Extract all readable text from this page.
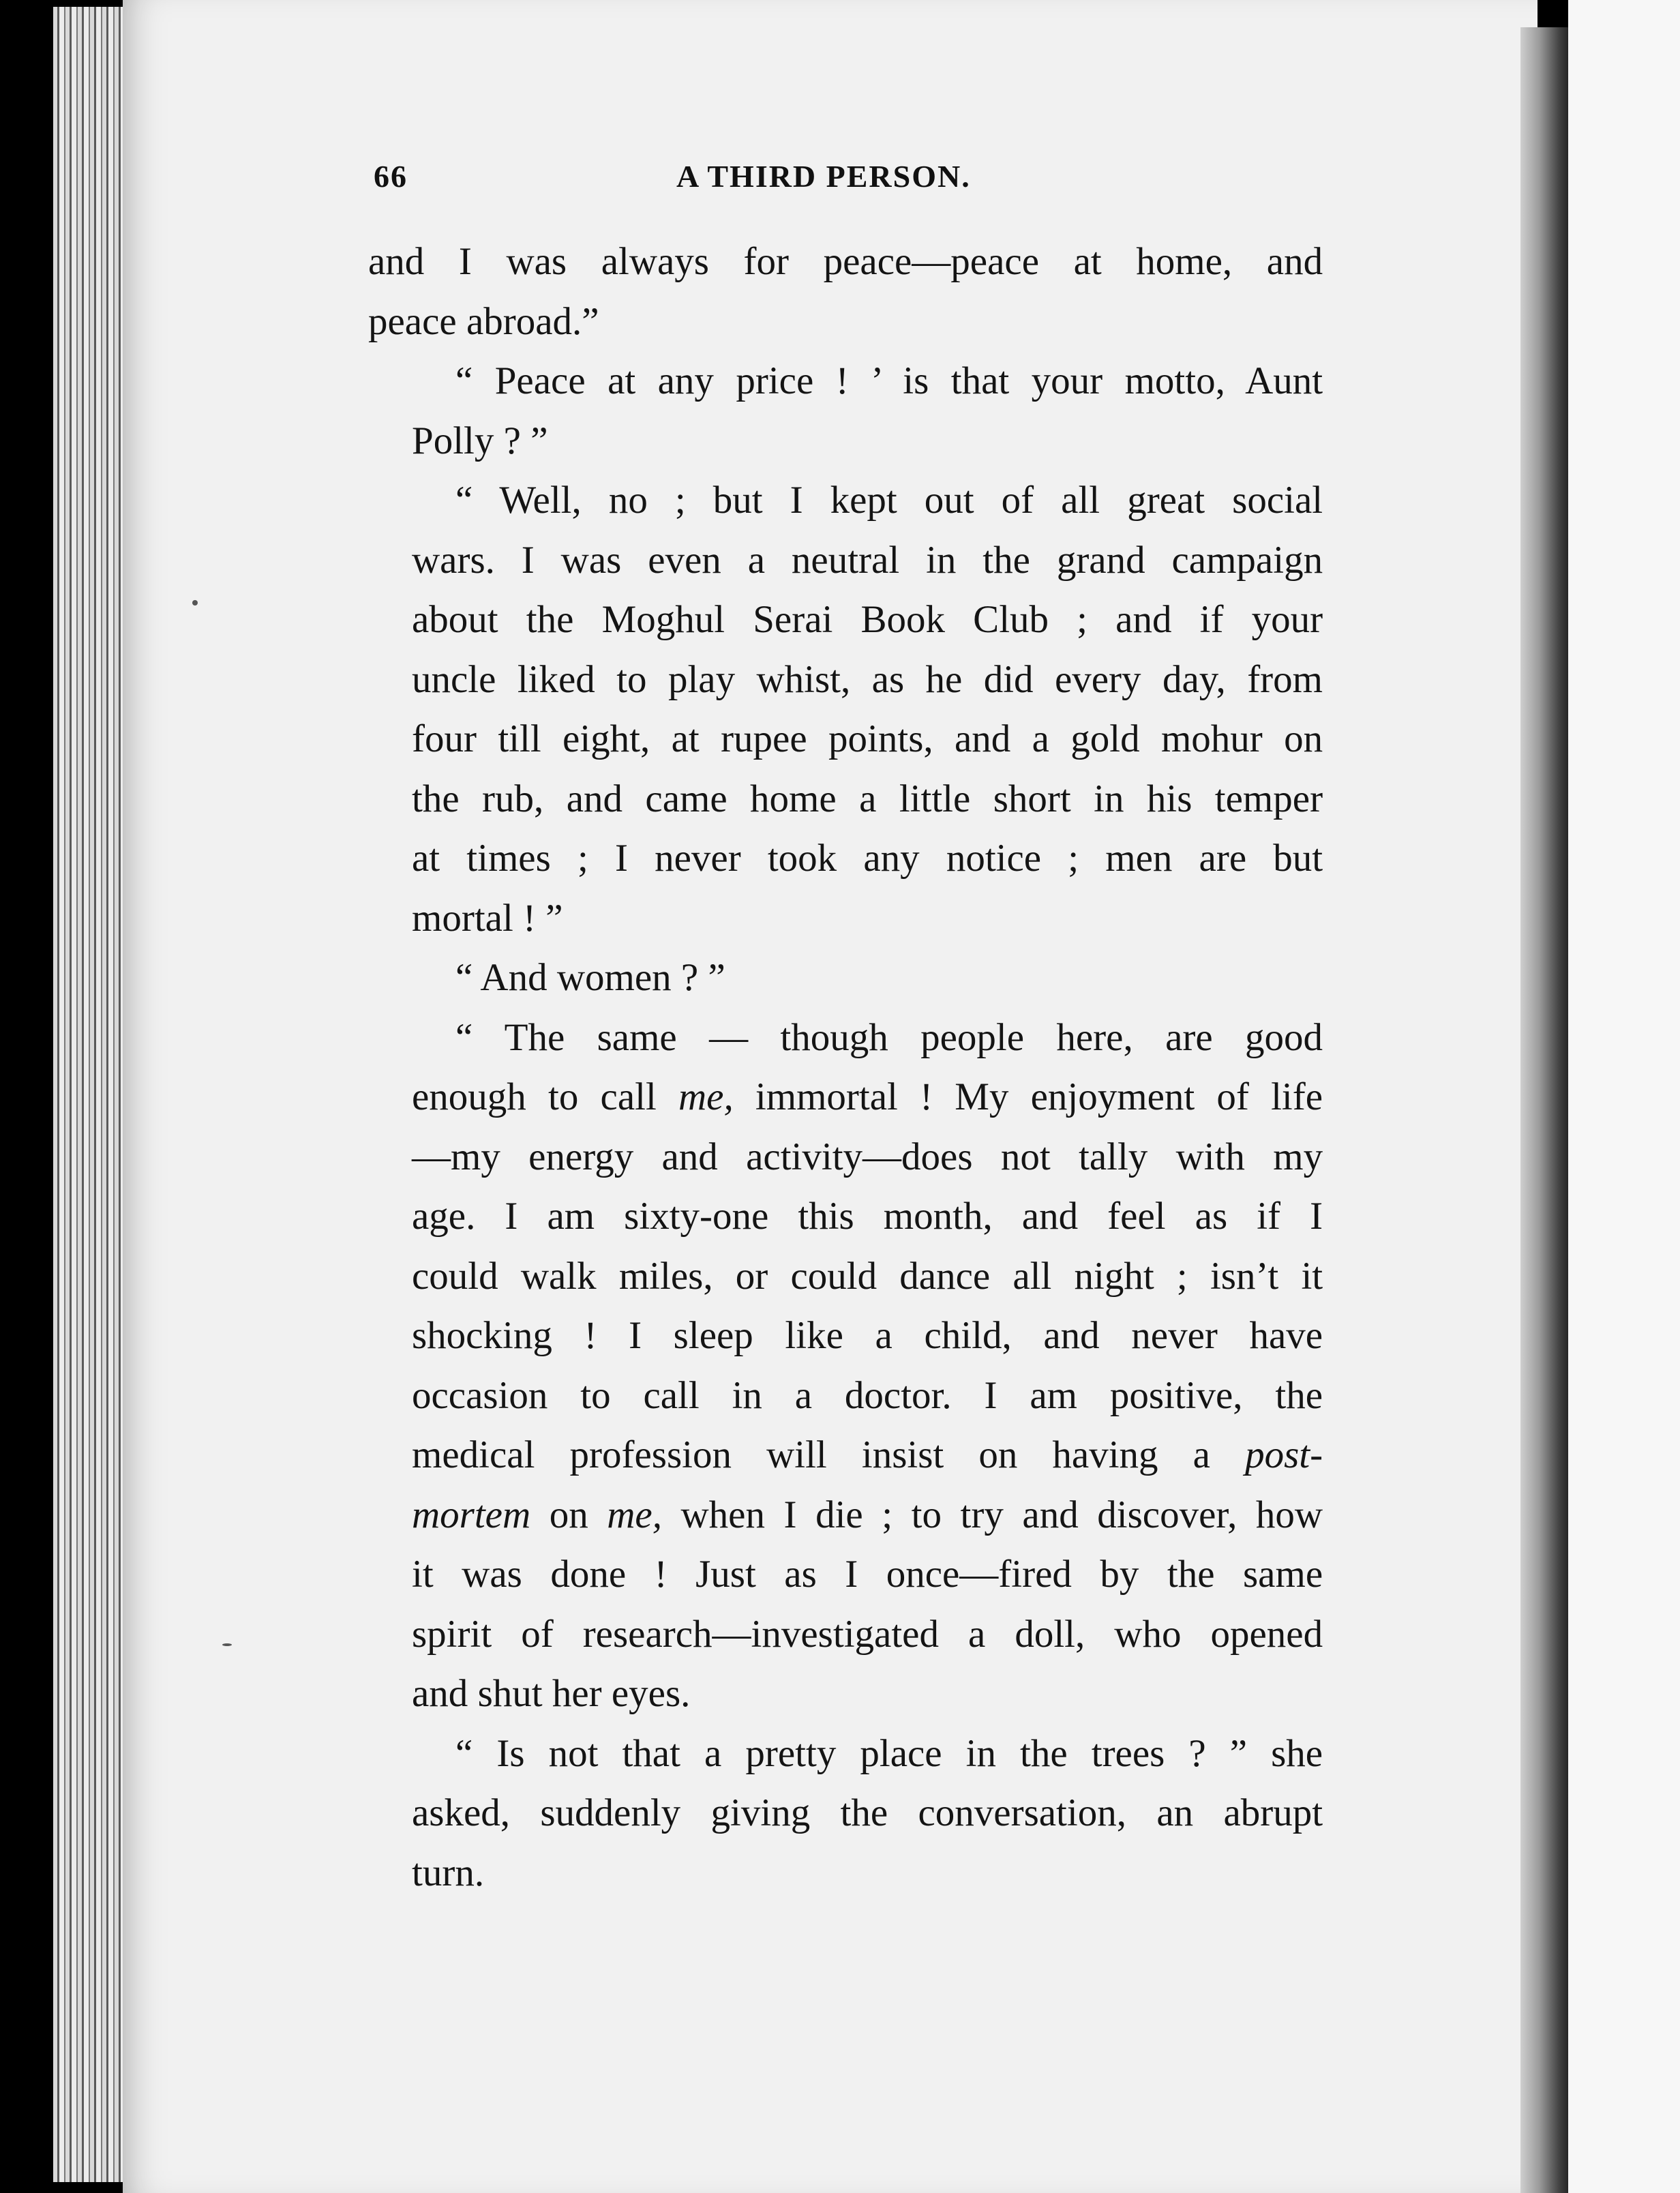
66	A THIRD PERSON.
and I was always for peace—peace at home, and
peace abroad.”
“ Peace at any price ! ’ is that your motto, Aunt
Polly ? ”
“ Well, no ; but I kept out of all great social
wars. I was even a neutral in the grand campaign
about the Moghul Serai Book Club ; and if your
uncle liked to play whist, as he did every day, from
four till eight, at rupee points, and a gold mohur on
the rub, and came home a little short in his temper
at times ; I never took any notice ; men are but
mortal ! ”
“ And women ? ”
“ The same — though people here, are good
enough to call me, immortal ! My enjoyment of life
—my energy and activity—does not tally with my
age. I am sixty-one this month, and feel as if I
could walk miles, or could dance all night ; isn’t it
shocking ! I sleep like a child, and never have
occasion to call in a doctor. I am positive, the
medical profession will insist on having a post-
mortem on me, when I die ; to try and discover, how
it was done ! Just as I once—fired by the same
spirit of research—investigated a doll, who opened
and shut her eyes.
“ Is not that a pretty place in the trees ? ” she
asked, suddenly giving the conversation, an abrupt
turn.
